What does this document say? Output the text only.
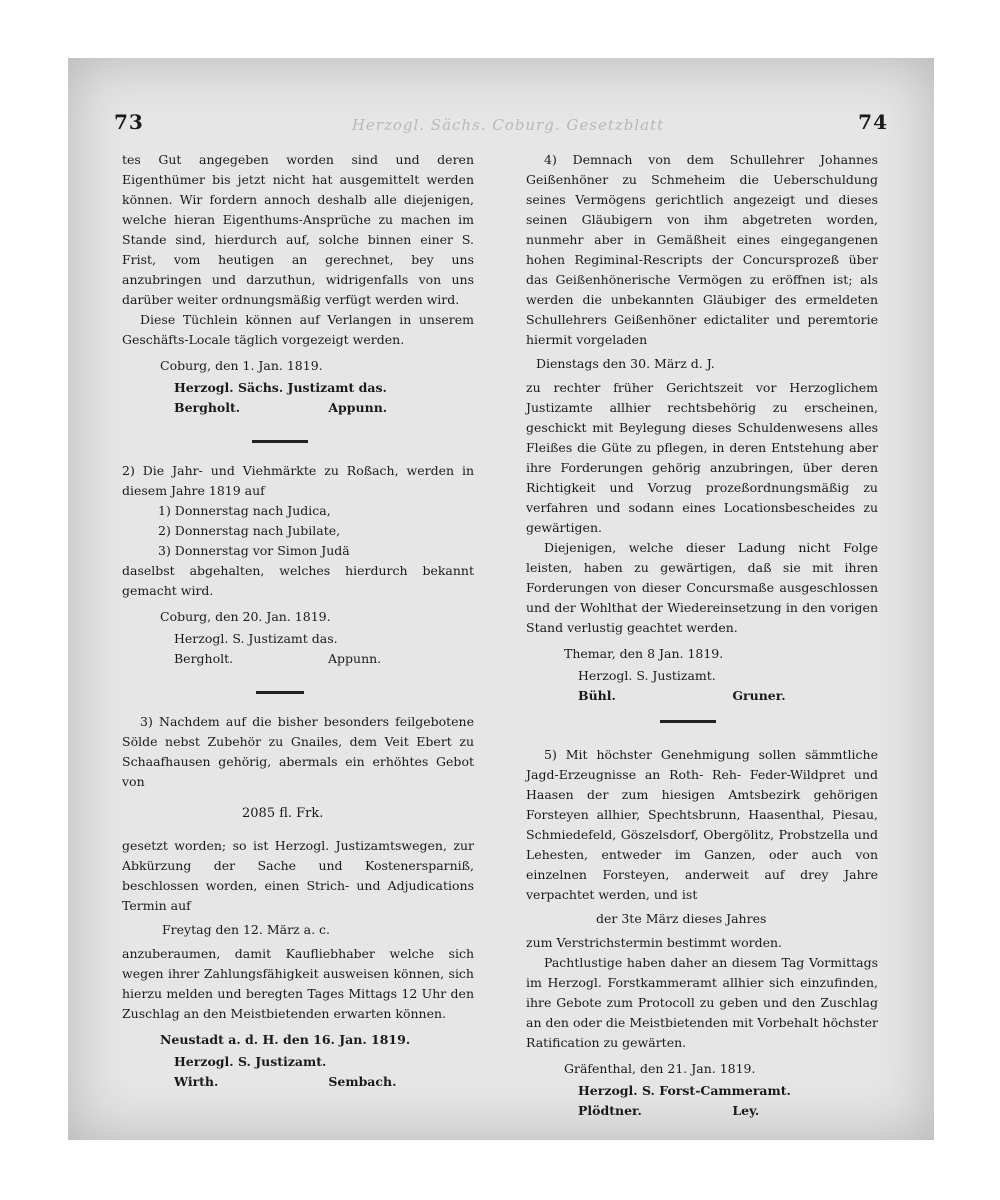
73	Herzogl. Sächs. Coburg. Gesetzblatt	74

tes Gut angegeben worden sind und deren Eigenthümer bis jetzt nicht hat ausgemittelt werden können. Wir fordern annoch deshalb alle diejenigen, welche hieran Eigenthums-Ansprüche zu machen im Stande sind, hierdurch auf, solche binnen einer S. Frist, vom heutigen an gerechnet, bey uns anzubringen und darzuthun, widrigenfalls von uns darüber weiter ordnungsmäßig verfügt werden wird.

Diese Tüchlein können auf Verlangen in unserem Geschäfts-Locale täglich vorgezeigt werden.

Coburg, den 1. Jan. 1819.
Herzogl. Sächs. Justizamt das.
Bergholt.	Appunn.

2) Die Jahr- und Viehmärkte zu Roßach, werden in diesem Jahre 1819 auf

1) Donnerstag nach Judica,
2) Donnerstag nach Jubilate,
3) Donnerstag vor Simon Judä

daselbst abgehalten, welches hierdurch bekannt gemacht wird.

Coburg, den 20. Jan. 1819.
Herzogl. S. Justizamt das.
Bergholt.	Appunn.

3) Nachdem auf die bisher besonders feilgebotene Sölde nebst Zubehör zu Gnailes, dem Veit Ebert zu Schaafhausen gehörig, abermals ein erhöhtes Gebot von

2085 fl. Frk.

gesetzt worden; so ist Herzogl. Justizamtswegen, zur Abkürzung der Sache und Kostenersparniß, beschlossen worden, einen Strich- und Adjudications Termin auf

Freytag den 12. März a. c.

anzuberaumen, damit Kaufliebhaber welche sich wegen ihrer Zahlungsfähigkeit ausweisen können, sich hierzu melden und beregten Tages Mittags 12 Uhr den Zuschlag an den Meistbietenden erwarten können.

Neustadt a. d. H. den 16. Jan. 1819.
Herzogl. S. Justizamt.
Wirth.	Sembach.

4) Demnach von dem Schullehrer Johannes Geißenhöner zu Schmeheim die Ueberschuldung seines Vermögens gerichtlich angezeigt und dieses seinen Gläubigern von ihm abgetreten worden, nunmehr aber in Gemäßheit eines eingegangenen hohen Regiminal-Rescripts der Concursprozeß über das Geißenhönerische Vermögen zu eröffnen ist; als werden die unbekannten Gläubiger des ermeldeten Schullehrers Geißenhöner edictaliter und peremtorie hiermit vorgeladen

Dienstags den 30. März d. J.

zu rechter früher Gerichtszeit vor Herzoglichem Justizamte allhier rechtsbehörig zu erscheinen, geschickt mit Beylegung dieses Schuldenwesens alles Fleißes die Güte zu pflegen, in deren Entstehung aber ihre Forderungen gehörig anzubringen, über deren Richtigkeit und Vorzug prozeßordnungsmäßig zu verfahren und sodann eines Locationsbescheides zu gewärtigen.

Diejenigen, welche dieser Ladung nicht Folge leisten, haben zu gewärtigen, daß sie mit ihren Forderungen von dieser Concursmaße ausgeschlossen und der Wohlthat der Wiedereinsetzung in den vorigen Stand verlustig geachtet werden.

Themar, den 8 Jan. 1819.
Herzogl. S. Justizamt.
Bühl.	Gruner.

5) Mit höchster Genehmigung sollen sämmtliche Jagd-Erzeugnisse an Roth- Reh- Feder-Wildpret und Haasen der zum hiesigen Amtsbezirk gehörigen Forsteyen allhier, Spechtsbrunn, Haasenthal, Piesau, Schmiedefeld, Göszelsdorf, Obergölitz, Probstzella und Lehesten, entweder im Ganzen, oder auch von einzelnen Forsteyen, anderweit auf drey Jahre verpachtet werden, und ist

der 3te März dieses Jahres

zum Verstrichstermin bestimmt worden.

Pachtlustige haben daher an diesem Tag Vormittags im Herzogl. Forstkammeramt allhier sich einzufinden, ihre Gebote zum Protocoll zu geben und den Zuschlag an den oder die Meistbietenden mit Vorbehalt höchster Ratification zu gewärten.

Gräfenthal, den 21. Jan. 1819.
Herzogl. S. Forst-Cammeramt.
Plödtner.	Ley.
